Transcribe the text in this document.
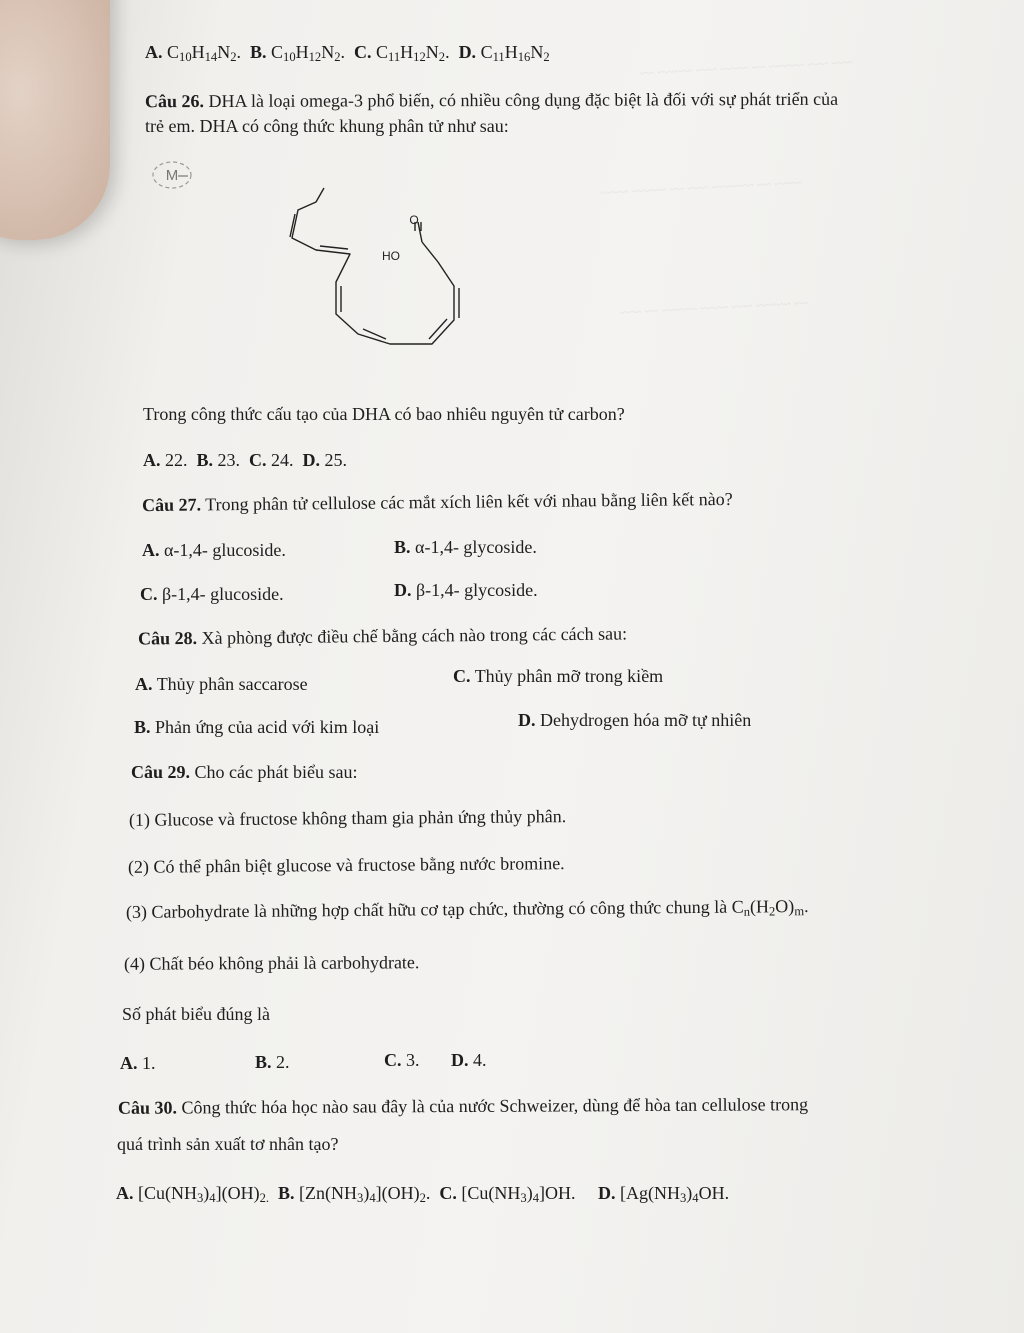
~~~ ~~~ ~~~~~ ~~ ~~~~ ~~~ ~~~~~ ~~
~~~~ ~~ ~~~~~~ ~~~ ~~ ~~~~~ ~~~~
~~ ~~~~~ ~~~ ~~~~ ~~~~~ ~~ ~~~
A. $C_{10}H_{14}N_2$. B. $C_{10}H_{12}N_2$. C. $C_{11}H_{12}N_2$. D. $C_{11}H_{16}N_2$
Câu 26. DHA là loại omega-3 phổ biến, có nhiều công dụng đặc biệt là đối với sự phát triển của
trẻ em. DHA có công thức khung phân tử như sau:
M
O
HO
Trong công thức cấu tạo của DHA có bao nhiêu nguyên tử carbon?
A. 22. B. 23. C. 24. D. 25.
Câu 27. Trong phân tử cellulose các mắt xích liên kết với nhau bằng liên kết nào?
A. α-1,4- glucoside.	B. α-1,4- glycoside.
C. β-1,4- glucoside.	D. β-1,4- glycoside.
Câu 28. Xà phòng được điều chế bằng cách nào trong các cách sau:
A. Thủy phân saccarose	C. Thủy phân mỡ trong kiềm
B. Phản ứng của acid với kim loại	D. Dehydrogen hóa mỡ tự nhiên
Câu 29. Cho các phát biểu sau:
(1) Glucose và fructose không tham gia phản ứng thủy phân.
(2) Có thể phân biệt glucose và fructose bằng nước bromine.
(3) Carbohydrate là những hợp chất hữu cơ tạp chức, thường có công thức chung là $C_n(H_2O)_m$.
(4) Chất béo không phải là carbohydrate.
Số phát biểu đúng là
A. 1.	B. 2.	C. 3. D. 4.
Câu 30. Công thức hóa học nào sau đây là của nước Schweizer, dùng để hòa tan cellulose trong
quá trình sản xuất tơ nhân tạo?
A. $[Cu(NH_3)_4](OH)_{2.}$ B. $[Zn(NH_3)_4](OH)_2$. C. $[Cu(NH_3)_4]OH$. D. [$Ag(NH_3)_4OH$.
